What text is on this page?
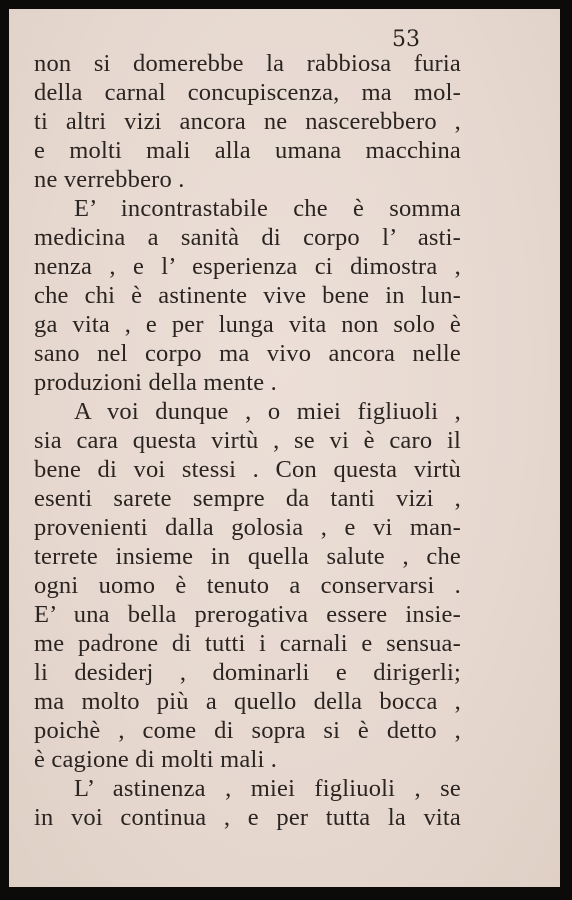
53
non si domerebbe la rabbiosa furia
della carnal concupiscenza, ma mol-
ti altri vizi ancora ne nascerebbero ,
e molti mali alla umana macchina
ne verrebbero .
E’ incontrastabile che è somma
medicina a sanità di corpo l’ asti-
nenza , e l’ esperienza ci dimostra ,
che chi è astinente vive bene in lun-
ga vita , e per lunga vita non solo è
sano nel corpo ma vivo ancora nelle
produzioni della mente .
A voi dunque , o miei figliuoli ,
sia cara questa virtù , se vi è caro il
bene di voi stessi . Con questa virtù
esenti sarete sempre da tanti vizi ,
provenienti dalla golosia , e vi man-
terrete insieme in quella salute , che
ogni uomo è tenuto a conservarsi .
E’ una bella prerogativa essere insie-
me padrone di tutti i carnali e sensua-
li desiderj , dominarli e dirigerli;
ma molto più a quello della bocca ,
poichè , come di sopra si è detto ,
è cagione di molti mali .
L’ astinenza , miei figliuoli , se
in voi continua , e per tutta la vita
